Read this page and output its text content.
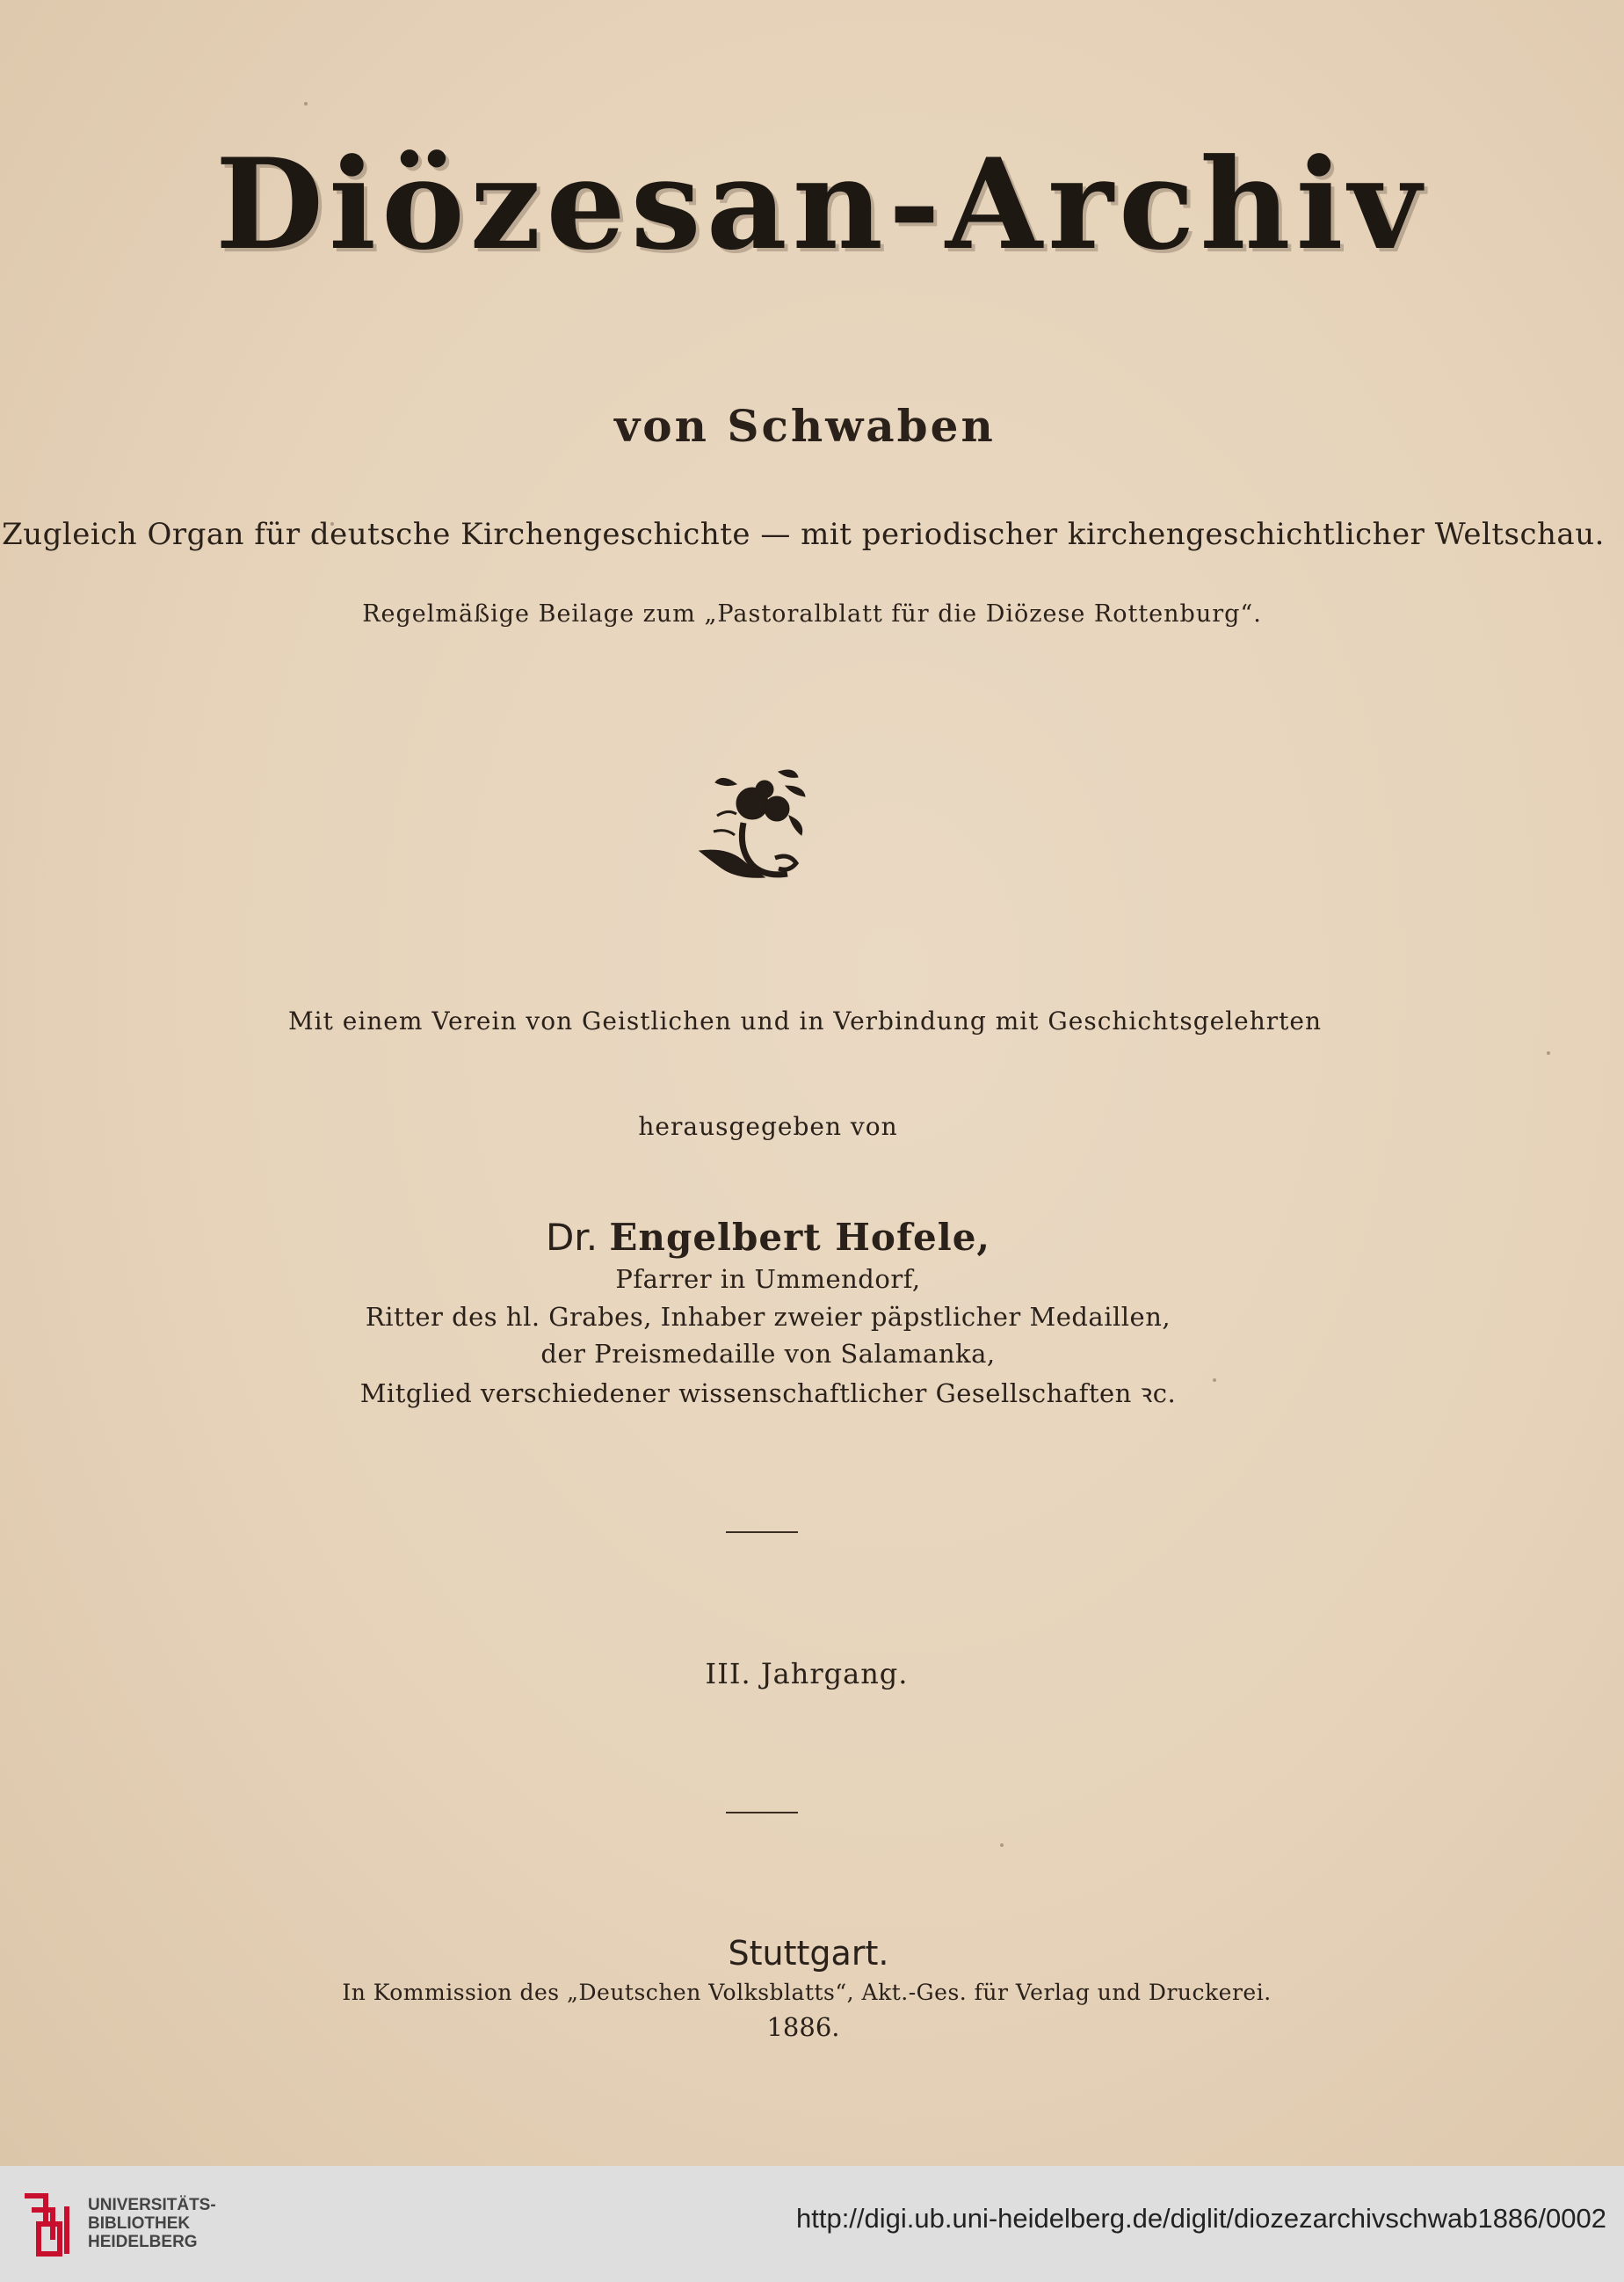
Diözesan-Archiv
von Schwaben
Zugleich Organ für deutsche Kirchengeschichte — mit periodischer kirchengeschichtlicher Weltschau.
Regelmäßige Beilage zum „Pastoralblatt für die Diözese Rottenburg“.
Mit einem Verein von Geistlichen und in Verbindung mit Geschichtsgelehrten
herausgegeben von
Dr. Engelbert Hofele,
Pfarrer in Ummendorf,
Ritter des hl. Grabes, Inhaber zweier päpstlicher Medaillen,
der Preismedaille von Salamanka,
Mitglied verschiedener wissenschaftlicher Gesellschaften ꝛc.
III. Jahrgang.
Stuttgart.
In Kommission des „Deutschen Volksblatts“, Akt.-Ges. für Verlag und Druckerei.
1886.
UNIVERSITÄTS-
BIBLIOTHEK
HEIDELBERG
http://digi.ub.uni-heidelberg.de/diglit/diozezarchivschwab1886/0002
